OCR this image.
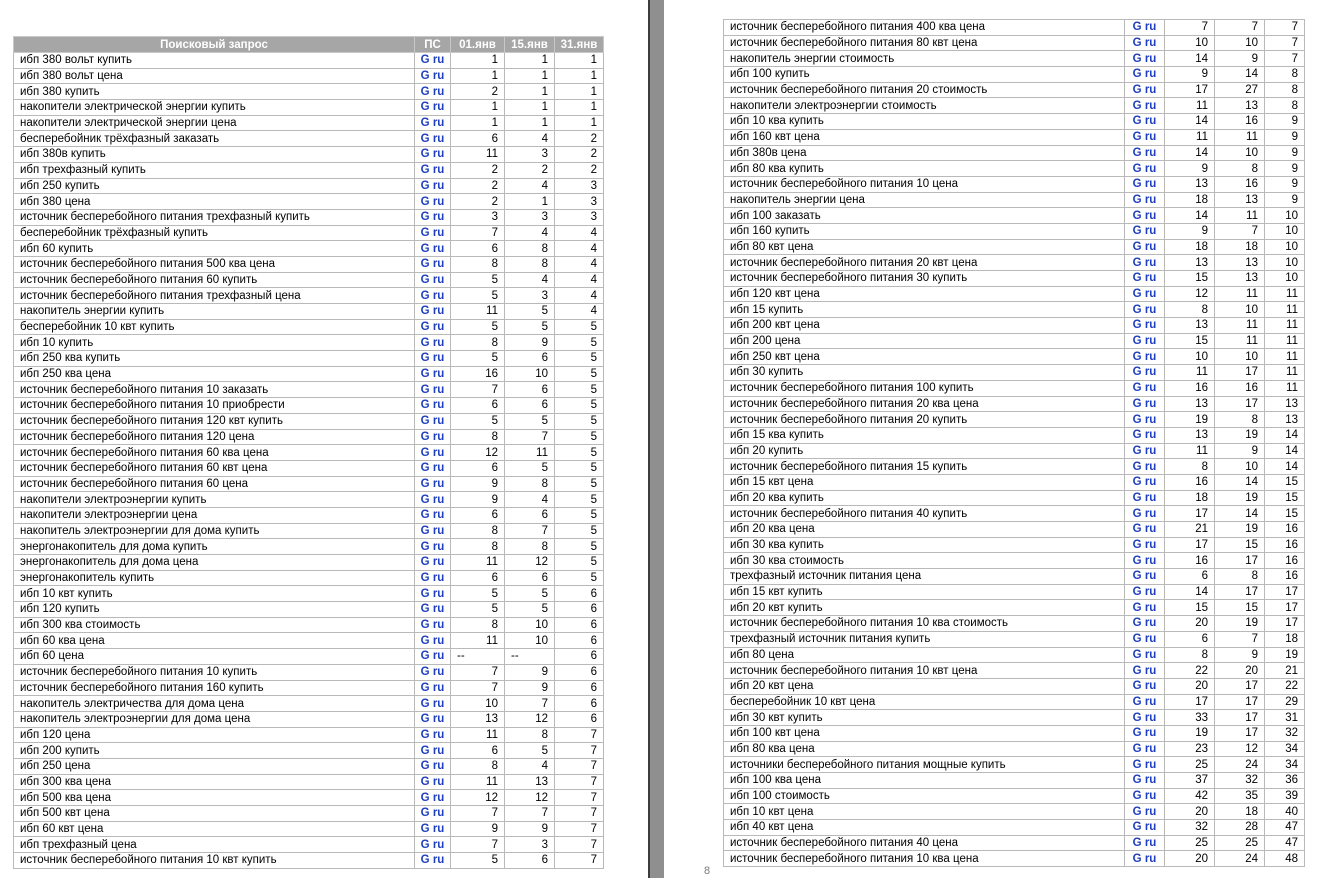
Поисковый запрос	ПС	01.янв	15.янв	31.янв
ибп 380 вольт купить	G ru	1	1	1
ибп 380 вольт цена	G ru	1	1	1
ибп 380 купить	G ru	2	1	1
накопители электрической энергии купить	G ru	1	1	1
накопители электрической энергии цена	G ru	1	1	1
бесперебойник трёхфазный заказать	G ru	6	4	2
ибп 380в купить	G ru	11	3	2
ибп трехфазный купить	G ru	2	2	2
ибп 250 купить	G ru	2	4	3
ибп 380 цена	G ru	2	1	3
источник бесперебойного питания трехфазный купить	G ru	3	3	3
бесперебойник трёхфазный купить	G ru	7	4	4
ибп 60 купить	G ru	6	8	4
источник бесперебойного питания 500 ква цена	G ru	8	8	4
источник бесперебойного питания 60 купить	G ru	5	4	4
источник бесперебойного питания трехфазный цена	G ru	5	3	4
накопитель энергии купить	G ru	11	5	4
бесперебойник 10 квт купить	G ru	5	5	5
ибп 10 купить	G ru	8	9	5
ибп 250 ква купить	G ru	5	6	5
ибп 250 ква цена	G ru	16	10	5
источник бесперебойного питания 10 заказать	G ru	7	6	5
источник бесперебойного питания 10 приобрести	G ru	6	6	5
источник бесперебойного питания 120 квт купить	G ru	5	5	5
источник бесперебойного питания 120 цена	G ru	8	7	5
источник бесперебойного питания 60 ква цена	G ru	12	11	5
источник бесперебойного питания 60 квт цена	G ru	6	5	5
источник бесперебойного питания 60 цена	G ru	9	8	5
накопители электроэнергии купить	G ru	9	4	5
накопители электроэнергии цена	G ru	6	6	5
накопитель электроэнергии для дома купить	G ru	8	7	5
энергонакопитель для дома купить	G ru	8	8	5
энергонакопитель для дома цена	G ru	11	12	5
энергонакопитель купить	G ru	6	6	5
ибп 10 квт купить	G ru	5	5	6
ибп 120 купить	G ru	5	5	6
ибп 300 ква стоимость	G ru	8	10	6
ибп 60 ква цена	G ru	11	10	6
ибп 60 цена	G ru	--	--	6
источник бесперебойного питания 10 купить	G ru	7	9	6
источник бесперебойного питания 160 купить	G ru	7	9	6
накопитель электричества для дома цена	G ru	10	7	6
накопитель электроэнергии для дома цена	G ru	13	12	6
ибп 120 цена	G ru	11	8	7
ибп 200 купить	G ru	6	5	7
ибп 250 цена	G ru	8	4	7
ибп 300 ква цена	G ru	11	13	7
ибп 500 ква цена	G ru	12	12	7
ибп 500 квт цена	G ru	7	7	7
ибп 60 квт цена	G ru	9	9	7
ибп трехфазный цена	G ru	7	3	7
источник бесперебойного питания 10 квт купить	G ru	5	6	7
источник бесперебойного питания 400 ква цена	G ru	7	7	7
источник бесперебойного питания 80 квт цена	G ru	10	10	7
накопитель энергии стоимость	G ru	14	9	7
ибп 100 купить	G ru	9	14	8
источник бесперебойного питания 20 стоимость	G ru	17	27	8
накопители электроэнергии стоимость	G ru	11	13	8
ибп 10 ква купить	G ru	14	16	9
ибп 160 квт цена	G ru	11	11	9
ибп 380в цена	G ru	14	10	9
ибп 80 ква купить	G ru	9	8	9
источник бесперебойного питания 10 цена	G ru	13	16	9
накопитель энергии цена	G ru	18	13	9
ибп 100 заказать	G ru	14	11	10
ибп 160 купить	G ru	9	7	10
ибп 80 квт цена	G ru	18	18	10
источник бесперебойного питания 20 квт цена	G ru	13	13	10
источник бесперебойного питания 30 купить	G ru	15	13	10
ибп 120 квт цена	G ru	12	11	11
ибп 15 купить	G ru	8	10	11
ибп 200 квт цена	G ru	13	11	11
ибп 200 цена	G ru	15	11	11
ибп 250 квт цена	G ru	10	10	11
ибп 30 купить	G ru	11	17	11
источник бесперебойного питания 100 купить	G ru	16	16	11
источник бесперебойного питания 20 ква цена	G ru	13	17	13
источник бесперебойного питания 20 купить	G ru	19	8	13
ибп 15 ква купить	G ru	13	19	14
ибп 20 купить	G ru	11	9	14
источник бесперебойного питания 15 купить	G ru	8	10	14
ибп 15 квт цена	G ru	16	14	15
ибп 20 ква купить	G ru	18	19	15
источник бесперебойного питания 40 купить	G ru	17	14	15
ибп 20 ква цена	G ru	21	19	16
ибп 30 ква купить	G ru	17	15	16
ибп 30 ква стоимость	G ru	16	17	16
трехфазный источник питания цена	G ru	6	8	16
ибп 15 квт купить	G ru	14	17	17
ибп 20 квт купить	G ru	15	15	17
источник бесперебойного питания 10 ква стоимость	G ru	20	19	17
трехфазный источник питания купить	G ru	6	7	18
ибп 80 цена	G ru	8	9	19
источник бесперебойного питания 10 квт цена	G ru	22	20	21
ибп 20 квт цена	G ru	20	17	22
бесперебойник 10 квт цена	G ru	17	17	29
ибп 30 квт купить	G ru	33	17	31
ибп 100 квт цена	G ru	19	17	32
ибп 80 ква цена	G ru	23	12	34
источники бесперебойного питания мощные купить	G ru	25	24	34
ибп 100 ква цена	G ru	37	32	36
ибп 100 стоимость	G ru	42	35	39
ибп 10 квт цена	G ru	20	18	40
ибп 40 квт цена	G ru	32	28	47
источник бесперебойного питания 40 цена	G ru	25	25	47
источник бесперебойного питания 10 ква цена	G ru	20	24	48
8
